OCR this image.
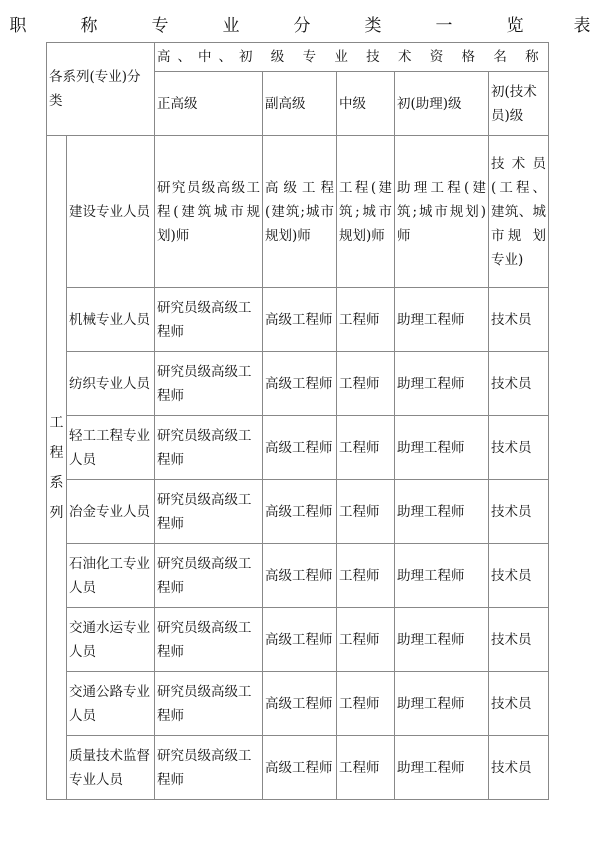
职	称	专	业	分	类	一	览	表
各系列(专业)分类		高、中、初 级 专 业 技 术 资 格 名 称				
		正高级	副高级	中级	初(助理)级	初(技术员)级

工
程
系
列	建设专业人员	研究员级高级工程(建筑城市规划)师	高 级 工 程(建筑;城市规划)师	工程(建筑;城市规划)师	助理工程(建筑;城市规划)师	技 术 员(工程、建筑、城市规 划 专业)
	机械专业人员	研究员级高级工程师	高级工程师	工程师	助理工程师	技术员
	纺织专业人员	研究员级高级工程师	高级工程师	工程师	助理工程师	技术员
	轻工工程专业人员	研究员级高级工程师	高级工程师	工程师	助理工程师	技术员
	冶金专业人员	研究员级高级工程师	高级工程师	工程师	助理工程师	技术员
	石油化工专业人员	研究员级高级工程师	高级工程师	工程师	助理工程师	技术员
	交通水运专业人员	研究员级高级工程师	高级工程师	工程师	助理工程师	技术员
	交通公路专业人员	研究员级高级工程师	高级工程师	工程师	助理工程师	技术员
	质量技术监督专业人员	研究员级高级工程师	高级工程师	工程师	助理工程师	技术员
